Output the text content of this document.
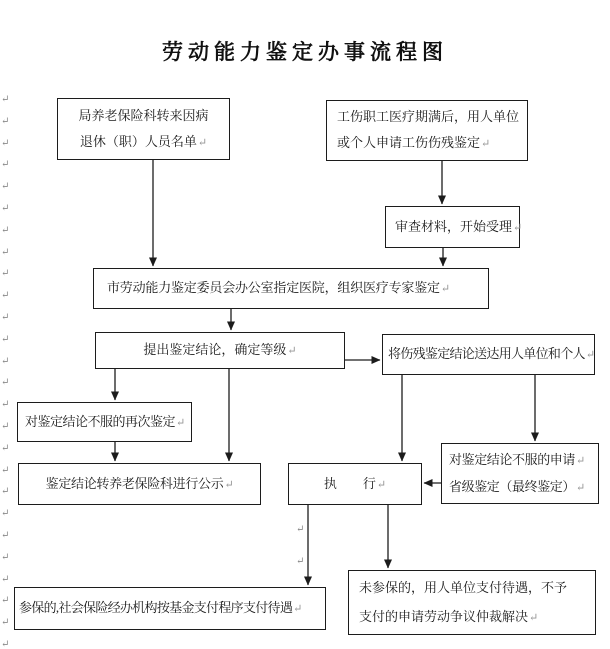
劳动能力鉴定办事流程图
局养老保险科转来因病
退休（职）人员名单↵
工伤职工医疗期满后，用人单位
或个人申请工伤伤残鉴定↵
审查材料，开始受理↵
市劳动能力鉴定委员会办公室指定医院，组织医疗专家鉴定↵
提出鉴定结论，确定等级↵	将伤残鉴定结论送达用人单位和个人↵
对鉴定结论不服的再次鉴定↵
鉴定结论转养老保险科进行公示↵	执　　行↵
对鉴定结论不服的申请↵
省级鉴定（最终鉴定）↵
参保的,社会保险经办机构按基金支付程序支付待遇↵
未参保的，用人单位支付待遇，不予
支付的申请劳动争议仲裁解决↵
↵
↵
↵
↵
↵
↵
↵
↵
↵
↵
↵
↵
↵
↵
↵
↵
↵
↵
↵
↵
↵
↵
↵
↵
↵
↵
↵
↵
